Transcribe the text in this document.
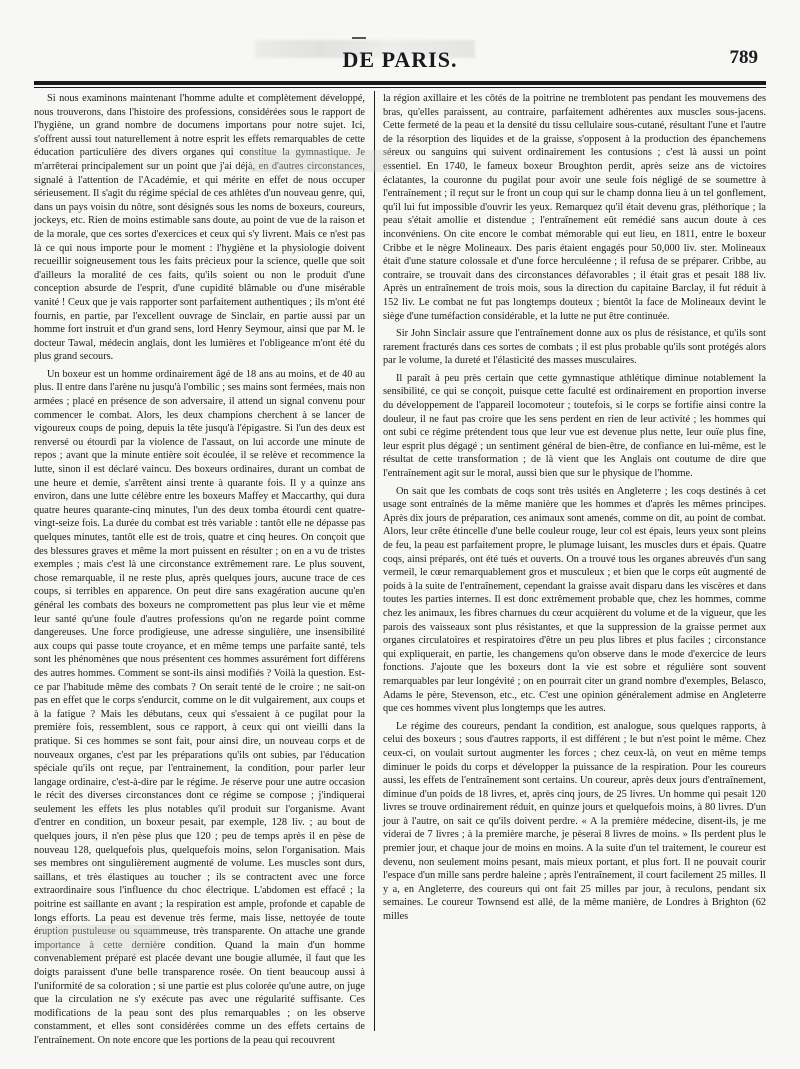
DE PARIS.	789

Si nous examinons maintenant l'homme adulte et complètement développé, nous trouverons, dans l'histoire des professions, considérées sous le rapport de l'hygiène, un grand nombre de documens importans pour notre sujet. Ici, s'offrent aussi tout naturellement à notre esprit les effets remarquables de cette éducation particulière des divers organes qui constitue la gymnastique. Je m'arrêterai principalement sur un point que j'ai déjà, en d'autres circonstances, signalé à l'attention de l'Académie, et qui mérite en effet de nous occuper sérieusement. Il s'agit du régime spécial de ces athlètes d'un nouveau genre, qui, dans un pays voisin du nôtre, sont désignés sous les noms de boxeurs, coureurs, jockeys, etc. Rien de moins estimable sans doute, au point de vue de la raison et de la morale, que ces sortes d'exercices et ceux qui s'y livrent. Mais ce n'est pas là ce qui nous importe pour le moment : l'hygiène et la physiologie doivent recueillir soigneusement tous les faits précieux pour la science, quelle que soit d'ailleurs la moralité de ces faits, qu'ils soient ou non le produit d'une conception absurde de l'esprit, d'une cupidité blâmable ou d'une misérable vanité ! Ceux que je vais rapporter sont parfaitement authentiques ; ils m'ont été fournis, en partie, par l'excellent ouvrage de Sinclair, en partie aussi par un homme fort instruit et d'un grand sens, lord Henry Seymour, ainsi que par M. le docteur Tawal, médecin anglais, dont les lumières et l'obligeance m'ont été du plus grand secours.

Un boxeur est un homme ordinairement âgé de 18 ans au moins, et de 40 au plus. Il entre dans l'arène nu jusqu'à l'ombilic ; ses mains sont fermées, mais non armées ; placé en présence de son adversaire, il attend un signal convenu pour commencer le combat. Alors, les deux champions cherchent à se lancer de vigoureux coups de poing, depuis la tête jusqu'à l'épigastre. Si l'un des deux est renversé ou étourdi par la violence de l'assaut, on lui accorde une minute de repos ; avant que la minute entière soit écoulée, il se relève et recommence la lutte, sinon il est déclaré vaincu. Des boxeurs ordinaires, durant un combat de une heure et demie, s'arrêtent ainsi trente à quarante fois. Il y a quinze ans environ, dans une lutte célèbre entre les boxeurs Maffey et Maccarthy, qui dura quatre heures quarante-cinq minutes, l'un des deux tomba étourdi cent quatre-vingt-seize fois. La durée du combat est très variable : tantôt elle ne dépasse pas quelques minutes, tantôt elle est de trois, quatre et cinq heures. On conçoit que des blessures graves et même la mort puissent en résulter ; on en a vu de tristes exemples ; mais c'est là une circonstance extrêmement rare. Le plus souvent, chose remarquable, il ne reste plus, après quelques jours, aucune trace de ces coups, si terribles en apparence. On peut dire sans exagération aucune qu'en général les combats des boxeurs ne compromettent pas plus leur vie et même leur santé qu'une foule d'autres professions qu'on ne regarde point comme dangereuses. Une force prodigieuse, une adresse singulière, une insensibilité aux coups qui passe toute croyance, et en même temps une parfaite santé, tels sont les phénomènes que nous présentent ces hommes assurément fort différens des autres hommes. Comment se sont-ils ainsi modifiés ? Voilà la question. Est-ce par l'habitude même des combats ? On serait tenté de le croire ; ne sait-on pas en effet que le corps s'endurcit, comme on le dit vulgairement, aux coups et à la fatigue ? Mais les débutans, ceux qui s'essaient à ce pugilat pour la première fois, ressemblent, sous ce rapport, à ceux qui ont vieilli dans la pratique. Si ces hommes se sont fait, pour ainsi dire, un nouveau corps et de nouveaux organes, c'est par les préparations qu'ils ont subies, par l'éducation spéciale qu'ils ont reçue, par l'entrainement, la condition, pour parler leur langage ordinaire, c'est-à-dire par le régime. Je réserve pour une autre occasion le récit des diverses circonstances dont ce régime se compose ; j'indiquerai seulement les effets les plus notables qu'il produit sur l'organisme. Avant d'entrer en condition, un boxeur pesait, par exemple, 128 liv. ; au bout de quelques jours, il n'en pèse plus que 120 ; peu de temps après il en pèse de nouveau 128, quelquefois plus, quelquefois moins, selon l'organisation. Mais ses membres ont singulièrement augmenté de volume. Les muscles sont durs, saillans, et très élastiques au toucher ; ils se contractent avec une force extraordinaire sous l'influence du choc électrique. L'abdomen est effacé ; la poitrine est saillante en avant ; la respiration est ample, profonde et capable de longs efforts. La peau est devenue très ferme, mais lisse, nettoyée de toute éruption pustuleuse ou squammeuse, très transparente. On attache une grande importance à cette dernière condition. Quand la main d'un homme convenablement préparé est placée devant une bougie allumée, il faut que les doigts paraissent d'une belle transparence rosée. On tient beaucoup aussi à l'uniformité de sa coloration ; si une partie est plus colorée qu'une autre, on juge que la circulation ne s'y exécute pas avec une régularité suffisante. Ces modifications de la peau sont des plus remarquables ; on les observe constamment, et elles sont considérées comme un des effets certains de l'entraînement. On note encore que les portions de la peau qui recouvrent

la région axillaire et les côtés de la poitrine ne tremblotent pas pendant les mouvemens des bras, qu'elles paraissent, au contraire, parfaitement adhérentes aux muscles sous-jacens. Cette fermeté de la peau et la densité du tissu cellulaire sous-cutané, résultant l'une et l'autre de la résorption des liquides et de la graisse, s'opposent à la production des épanchemens séreux ou sanguins qui suivent ordinairement les contusions ; c'est là aussi un point essentiel. En 1740, le fameux boxeur Broughton perdit, après seize ans de victoires éclatantes, la couronne du pugilat pour avoir une seule fois négligé de se soumettre à l'entraînement ; il reçut sur le front un coup qui sur le champ donna lieu à un tel gonflement, qu'il lui fut impossible d'ouvrir les yeux. Remarquez qu'il était devenu gras, pléthorique ; la peau s'était amollie et distendue ; l'entraînement eût remédié sans aucun doute à ces inconvéniens. On cite encore le combat mémorable qui eut lieu, en 1811, entre le boxeur Cribbe et le nègre Molineaux. Des paris étaient engagés pour 50,000 liv. ster. Molineaux était d'une stature colossale et d'une force herculéenne ; il refusa de se préparer. Cribbe, au contraire, se trouvait dans des circonstances défavorables ; il était gras et pesait 188 liv. Après un entraînement de trois mois, sous la direction du capitaine Barclay, il fut réduit à 152 liv. Le combat ne fut pas longtemps douteux ; bientôt la face de Molineaux devint le siège d'une tuméfaction considérable, et la lutte ne put être continuée.

Sir John Sinclair assure que l'entraînement donne aux os plus de résistance, et qu'ils sont rarement fracturés dans ces sortes de combats ; il est plus probable qu'ils sont protégés alors par le volume, la dureté et l'élasticité des masses musculaires.

Il paraît à peu près certain que cette gymnastique athlétique diminue notablement la sensibilité, ce qui se conçoit, puisque cette faculté est ordinairement en proportion inverse du développement de l'appareil locomoteur ; toutefois, si le corps se fortifie ainsi contre la douleur, il ne faut pas croire que les sens perdent en rien de leur activité ; les hommes qui ont subi ce régime prétendent tous que leur vue est devenue plus nette, leur ouïe plus fine, leur esprit plus dégagé ; un sentiment général de bien-être, de confiance en lui-même, est le résultat de cette transformation ; de là vient que les Anglais ont coutume de dire que l'entraînement agit sur le moral, aussi bien que sur le physique de l'homme.

On sait que les combats de coqs sont très usités en Angleterre ; les coqs destinés à cet usage sont entraînés de la même manière que les hommes et d'après les mêmes principes. Après dix jours de préparation, ces animaux sont amenés, comme on dit, au point de combat. Alors, leur crête étincelle d'une belle couleur rouge, leur col est épais, leurs yeux sont pleins de feu, la peau est parfaitement propre, le plumage luisant, les muscles durs et épais. Quatre coqs, ainsi préparés, ont été tués et ouverts. On a trouvé tous les organes abreuvés d'un sang vermeil, le cœur remarquablement gros et musculeux ; et bien que le corps eût augmenté de poids à la suite de l'entraînement, cependant la graisse avait disparu dans les viscères et dans toutes les parties internes. Il est donc extrêmement probable que, chez les hommes, comme chez les animaux, les fibres charnues du cœur acquièrent du volume et de la vigueur, que les parois des vaisseaux sont plus résistantes, et que la suppression de la graisse permet aux organes circulatoires et respiratoires d'être un peu plus libres et plus faciles ; circonstance qui expliquerait, en partie, les changemens qu'on observe dans le mode d'exercice de leurs fonctions. J'ajoute que les boxeurs dont la vie est sobre et régulière sont souvent remarquables par leur longévité ; on en pourrait citer un grand nombre d'exemples, Belasco, Adams le père, Stevenson, etc., etc. C'est une opinion généralement admise en Angleterre que ces hommes vivent plus longtemps que les autres.

Le régime des coureurs, pendant la condition, est analogue, sous quelques rapports, à celui des boxeurs ; sous d'autres rapports, il est différent ; le but n'est point le même. Chez ceux-ci, on voulait surtout augmenter les forces ; chez ceux-là, on veut en même temps diminuer le poids du corps et développer la puissance de la respiration. Pour les coureurs aussi, les effets de l'entraînement sont certains. Un coureur, après deux jours d'entraînement, diminue d'un poids de 18 livres, et, après cinq jours, de 25 livres. Un homme qui pesait 120 livres se trouve ordinairement réduit, en quinze jours et quelquefois moins, à 80 livres. D'un jour à l'autre, on sait ce qu'ils doivent perdre. « A la première médecine, disent-ils, je me viderai de 7 livres ; à la première marche, je pèserai 8 livres de moins. » Ils perdent plus le premier jour, et chaque jour de moins en moins. A la suite d'un tel traitement, le coureur est devenu, non seulement moins pesant, mais mieux portant, et plus fort. Il ne pouvait courir l'espace d'un mille sans perdre haleine ; après l'entraînement, il court facilement 25 milles. Il y a, en Angleterre, des coureurs qui ont fait 25 milles par jour, à reculons, pendant six semaines. Le coureur Townsend est allé, de la même manière, de Londres à Brighton (62 milles
